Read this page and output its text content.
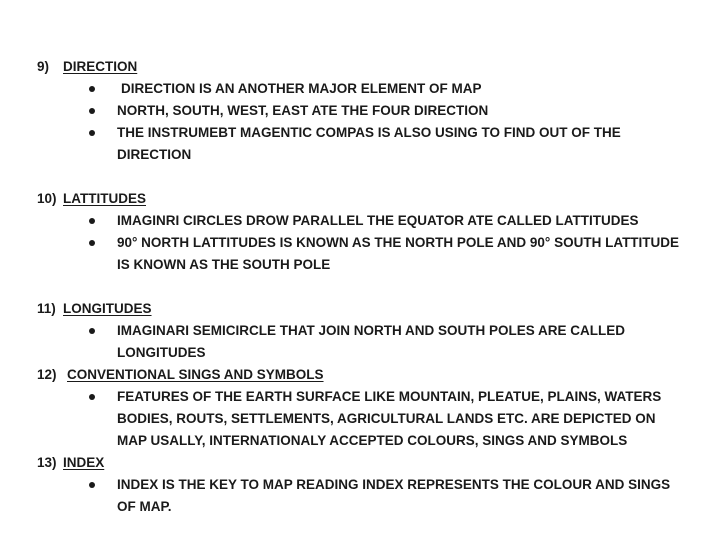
9) DIRECTION
DIRECTION IS AN ANOTHER MAJOR ELEMENT OF MAP
NORTH, SOUTH, WEST, EAST ATE THE FOUR DIRECTION
THE INSTRUMEBT MAGENTIC COMPAS IS ALSO USING TO FIND OUT OF THE DIRECTION
10) LATTITUDES
IMAGINRI CIRCLES DROW PARALLEL THE EQUATOR ATE CALLED LATTITUDES
90° NORTH LATTITUDES IS KNOWN AS THE NORTH POLE AND 90° SOUTH LATTITUDE IS KNOWN AS THE SOUTH POLE
11) LONGITUDES
IMAGINARI SEMICIRCLE THAT JOIN NORTH AND SOUTH POLES ARE CALLED LONGITUDES
12) CONVENTIONAL SINGS AND SYMBOLS
FEATURES OF THE EARTH SURFACE LIKE MOUNTAIN, PLEATUE, PLAINS, WATERS BODIES, ROUTS, SETTLEMENTS, AGRICULTURAL LANDS ETC. ARE DEPICTED ON MAP USALLY, INTERNATIONALY ACCEPTED COLOURS, SINGS AND SYMBOLS
13) INDEX
INDEX IS THE KEY TO MAP READING INDEX REPRESENTS THE COLOUR AND SINGS OF MAP.
